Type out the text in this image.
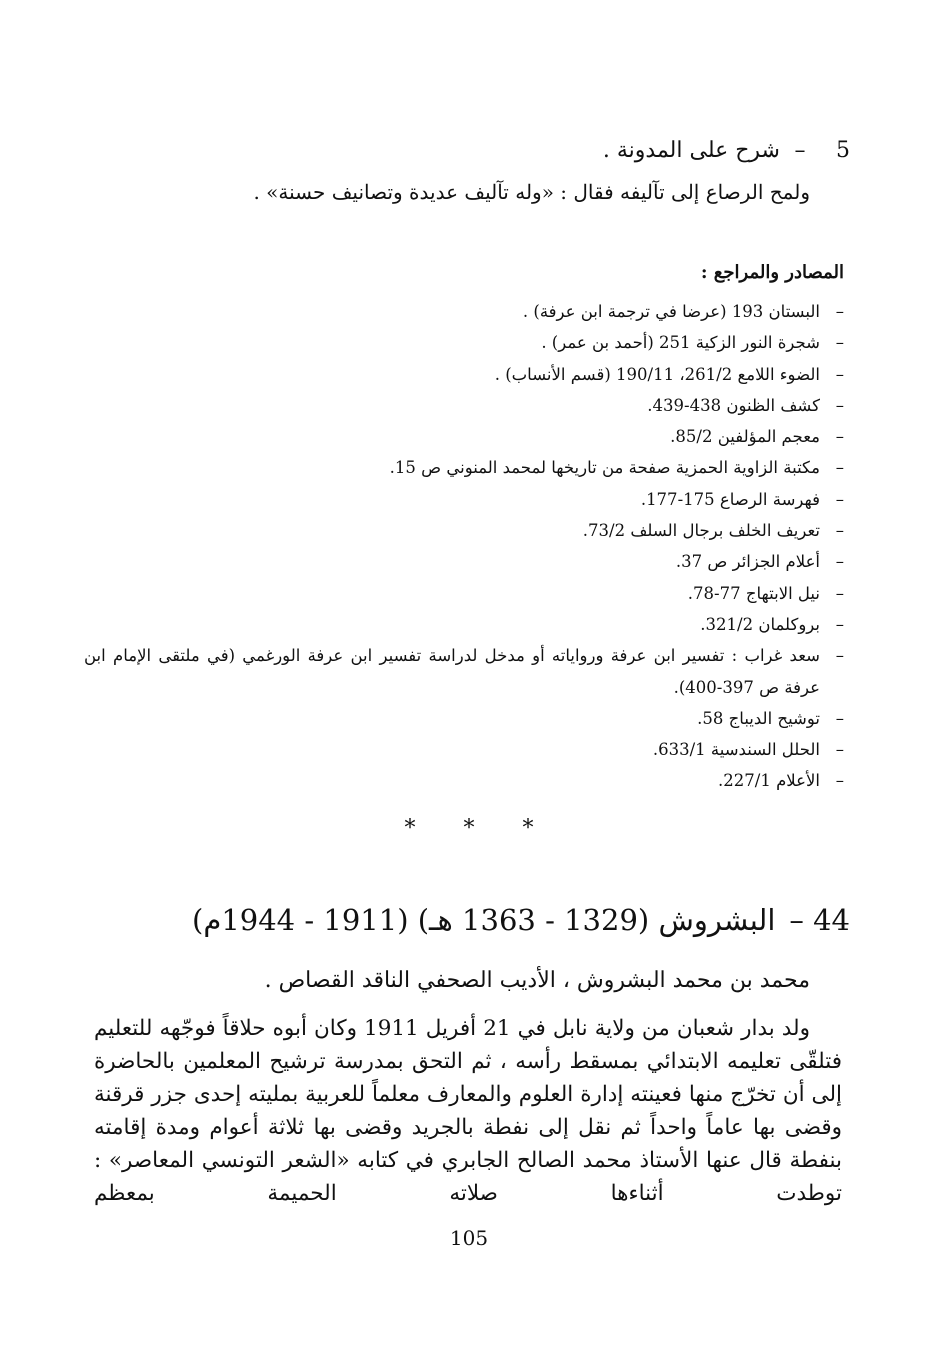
5–شرح على المدونة .
ولمح الرصاع إلى تآليفه فقال : «وله تآليف عديدة وتصانيف حسنة» .
المصادر والمراجع :
–
البستان 193 (عرضا في ترجمة ابن عرفة) .
–
شجرة النور الزكية 251 (أحمد بن عمر) .
–
الضوء اللامع 261/2، 190/11 (قسم الأنساب) .
–
كشف الظنون 438-439.
–
معجم المؤلفين 85/2.
–
مكتبة الزاوية الحمزية صفحة من تاريخها لمحمد المنوني ص 15.
–
فهرسة الرصاع 175-177.
–
تعريف الخلف برجال السلف 73/2.
–
أعلام الجزائر ص 37.
–
نيل الابتهاج 77-78.
–
بروكلمان 321/2.
–
سعد غراب : تفسير ابن عرفة ورواياته أو مدخل لدراسة تفسير ابن عرفة الورغمي (في ملتقى الإمام ابن عرفة ص 397-400).
–
توشيح الديباج 58.
–
الحلل السندسية 633/1.
–
الأعلام 227/1.
* * *
44 –البشروش (1329 - 1363 هـ) (1911 - 1944م)
محمد بن محمد البشروش ، الأديب الصحفي الناقد القصاص .

ولد بدار شعبان من ولاية نابل في 21 أفريل 1911 وكان أبوه حلاقاً فوجّهه للتعليم فتلقّى تعليمه الابتدائي بمسقط رأسه ، ثم التحق بمدرسة ترشيح المعلمين بالحاضرة إلى أن تخرّج منها فعينته إدارة العلوم والمعارف معلماً للعربية بمليته إحدى جزر قرقنة وقضى بها عاماً واحداً ثم نقل إلى نفطة بالجريد وقضى بها ثلاثة أعوام ومدة إقامته بنفطة قال عنها الأستاذ محمد الصالح الجابري في كتابه «الشعر التونسي المعاصر» : توطدت أثناءها صلاته الحميمة بمعظم

105
